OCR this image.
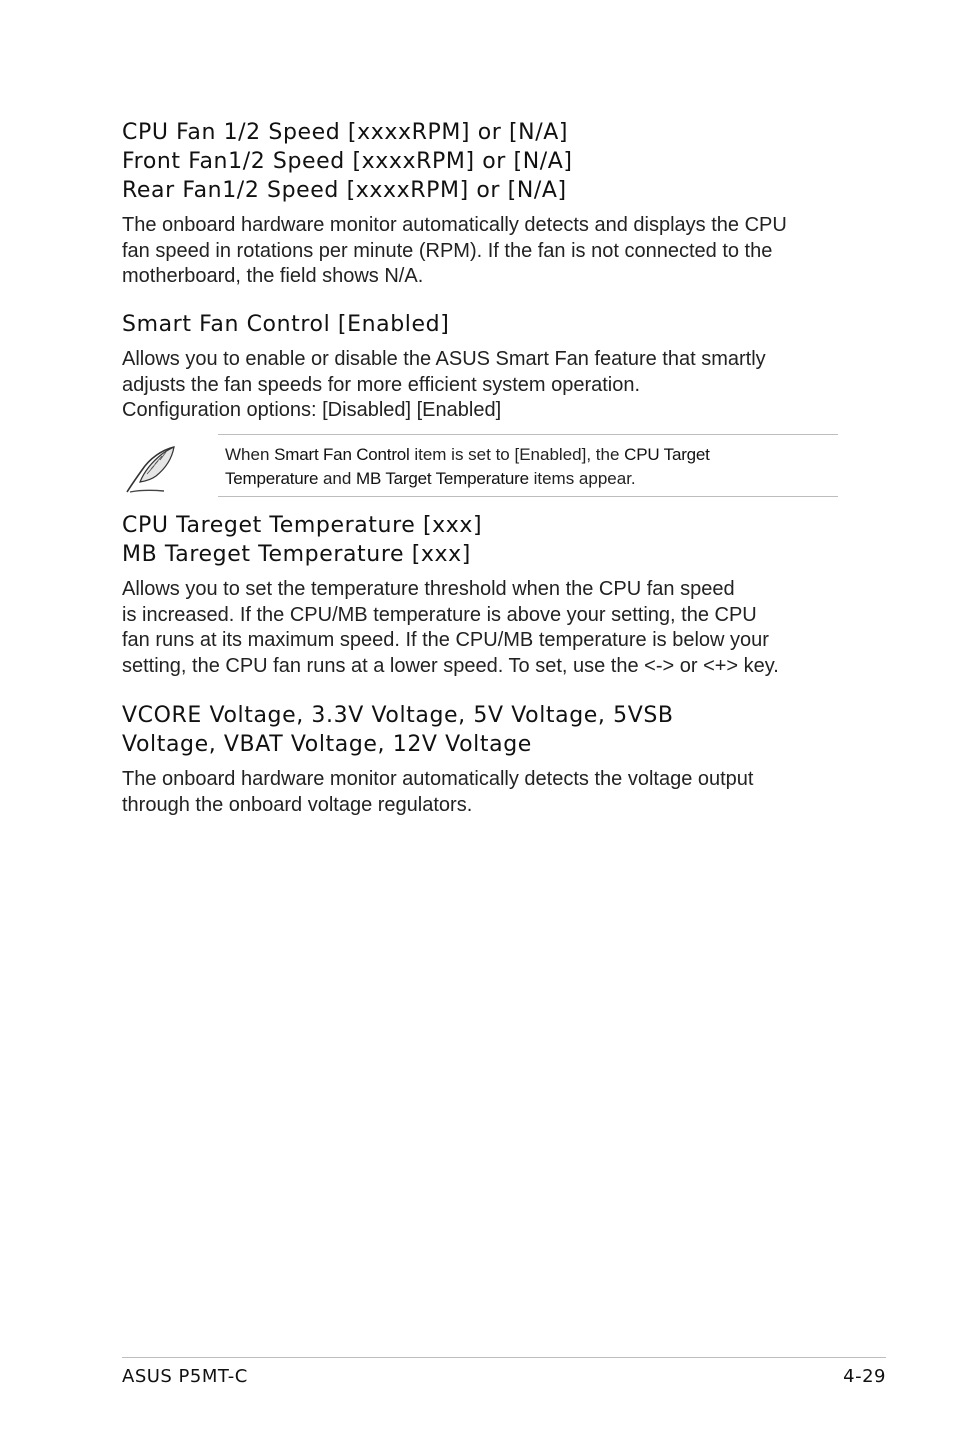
CPU Fan 1/2 Speed [xxxxRPM] or [N/A]
Front Fan1/2 Speed [xxxxRPM] or [N/A]
Rear Fan1/2 Speed [xxxxRPM] or [N/A]

The onboard hardware monitor automatically detects and displays the CPU
fan speed in rotations per minute (RPM). If the fan is not connected to the
motherboard, the ﬁeld shows N/A.

Smart Fan Control [Enabled]

Allows you to enable or disable the ASUS Smart Fan feature that smartly
adjusts the fan speeds for more efﬁcient system operation.
Conﬁguration options: [Disabled] [Enabled]

When Smart Fan Control item is set to [Enabled], the CPU Target
Temperature and MB Target Temperature items appear.
CPU Tareget Temperature [xxx]
MB Tareget Temperature [xxx]

Allows you to set the temperature threshold when the CPU fan speed
is increased. If the CPU/MB temperature is above your setting, the CPU
fan runs at its maximum speed. If the CPU/MB temperature is below your
setting, the CPU fan runs at a lower speed. To set, use the <-> or <+> key.

VCORE Voltage, 3.3V Voltage, 5V Voltage, 5VSB
Voltage, VBAT Voltage, 12V Voltage

The onboard hardware monitor automatically detects the voltage output
through the onboard voltage regulators.

ASUS P5MT-C	4-29
